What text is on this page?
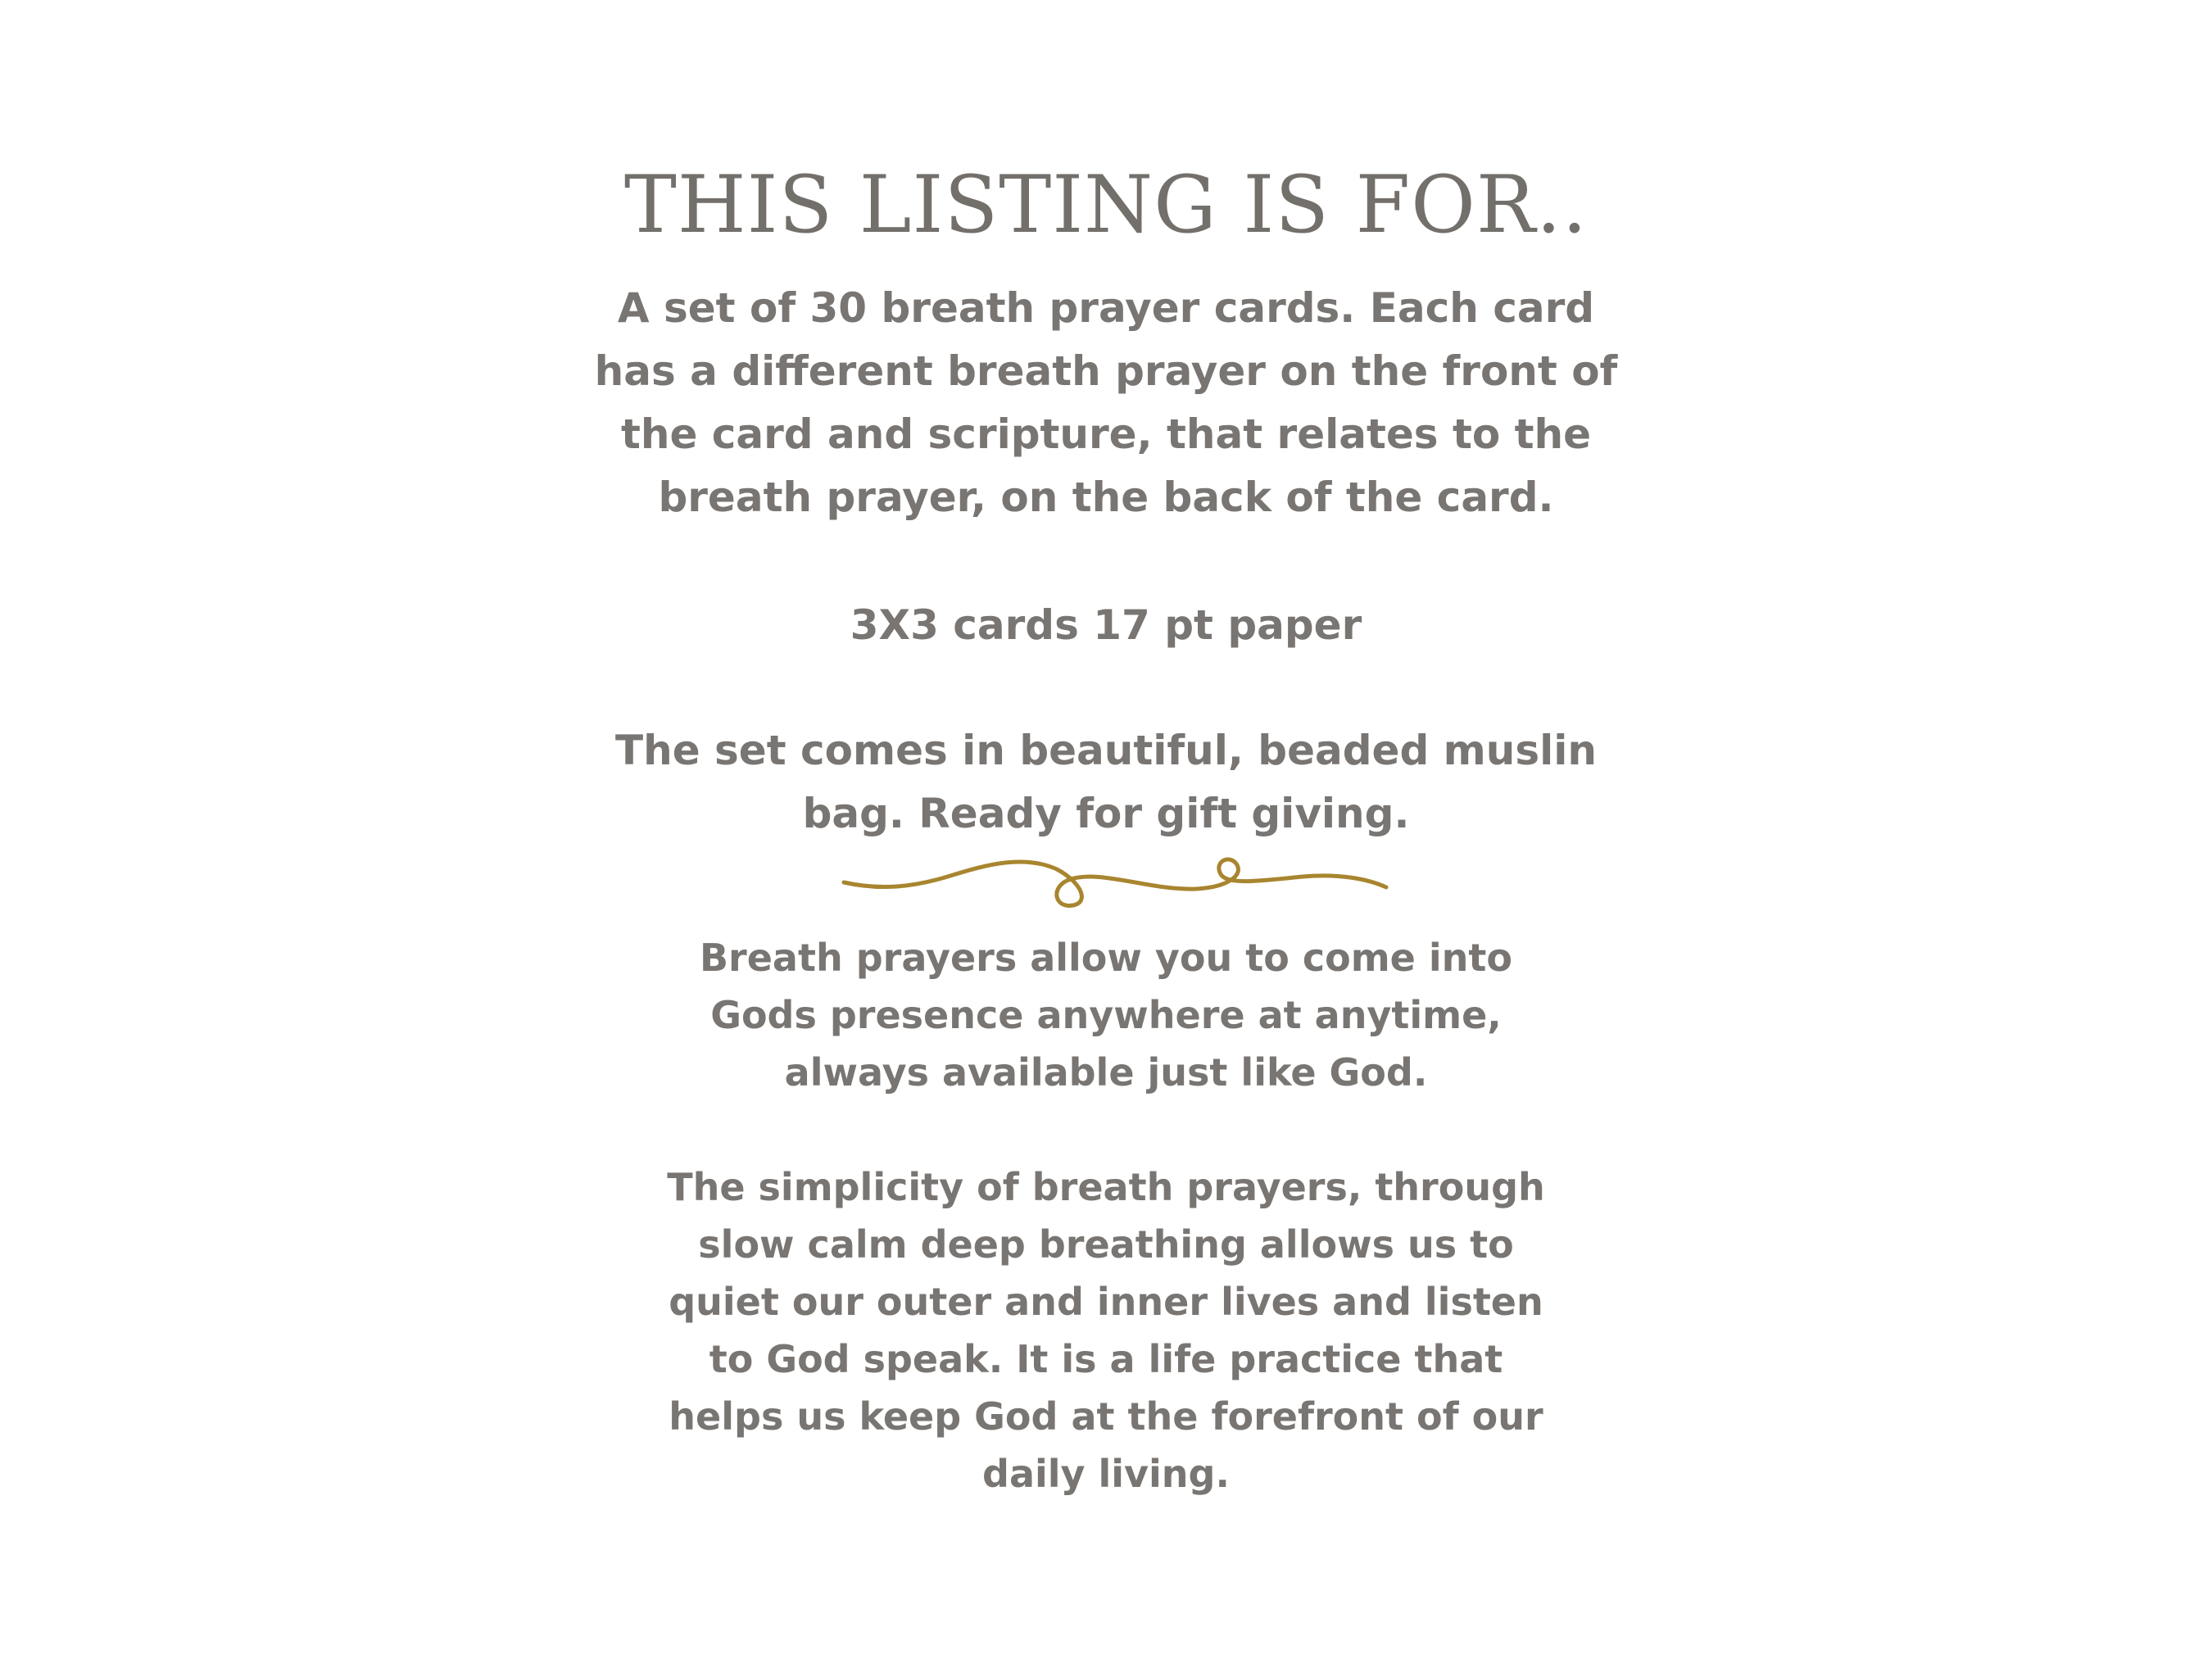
THIS LISTING IS FOR..
A set of 30 breath prayer cards. Each card
has a different breath prayer on the front of
the card and scripture, that relates to the
breath prayer, on the back of the card.
3X3 cards 17 pt paper
The set comes in beautiful, beaded muslin
bag. Ready for gift giving.
Breath prayers allow you to come into
Gods presence anywhere at anytime,
always available just like God.
The simplicity of breath prayers, through
slow calm deep breathing allows us to
quiet our outer and inner lives and listen
to God speak. It is a life practice that
helps us keep God at the forefront of our
daily living.
